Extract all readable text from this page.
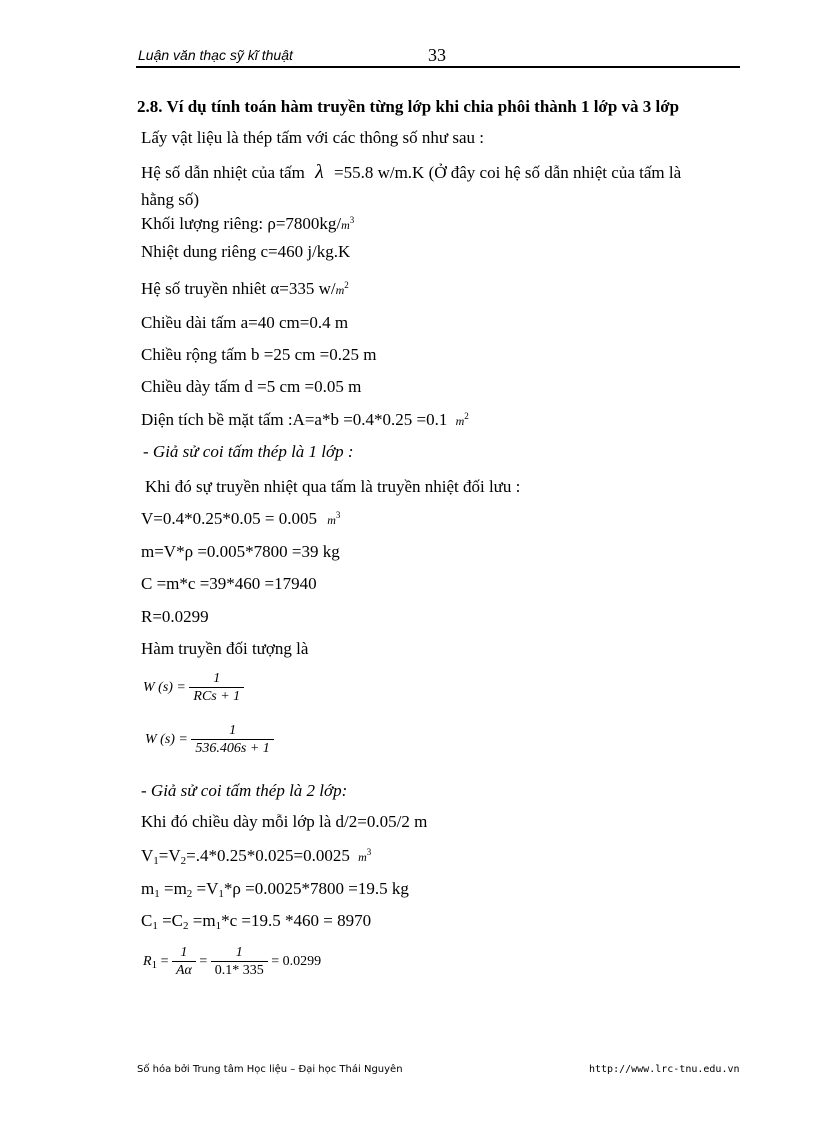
Luận văn thạc sỹ kĩ thuật	33
2.8. Ví dụ tính toán hàm truyền từng lớp khi chia phôi thành 1 lớp và 3 lớp
Lấy vật liệu là thép tấm với các thông số như sau :
Hệ số dẫn nhiệt của tấm λ =55.8 w/m.K (Ở đây coi hệ số dẫn nhiệt của tấm là
hằng số)
Khối lượng riêng: $\rho=7800kg/m^3$
Nhiệt dung riêng c=460 j/kg.K
Hệ số truyền nhiêt α=335 $w/m^2$
Chiều dài tấm a=40 cm=0.4 m
Chiều rộng tấm b =25 cm =0.25 m
Chiều dày tấm d =5 cm =0.05 m
Diện tích bề mặt tấm :A=a*b =0.4*0.25 =0.1 $m^2$
- Giả sử coi tấm thép là 1 lớp :
Khi đó sự truyền nhiệt qua tấm là truyền nhiệt đối lưu :
V=0.4*0.25*0.05 = 0.005 $m^3$
m=V*ρ =0.005*7800 =39 kg
C =m*c =39*460 =17940
R=0.0299
Hàm truyền đối tượng là
W $(s) = \frac{1}{\text{RCs + 1}}$
W $(s) = \frac{1}{536.406s + 1}$
- Giả sử coi tấm thép là 2 lớp:
Khi đó chiều dày mỗi lớp là d/2=0.05/2 m
$V_1=V_2=.4*0.25*0.025=0.0025$ $m^3$
$m_1 =m_2 =V_1*\rho =0.0025*7800 =19.5$ kg
$C_1 =C_2 =m_1*c =19.5$ *460 = 8970
$R_1 = \frac{1}{A\alpha} = \frac{1}{0.1* 335} = 0.0299$
Số hóa bởi Trung tâm Học liệu – Đại học Thái Nguyên	http://www.lrc-tnu.edu.vn
